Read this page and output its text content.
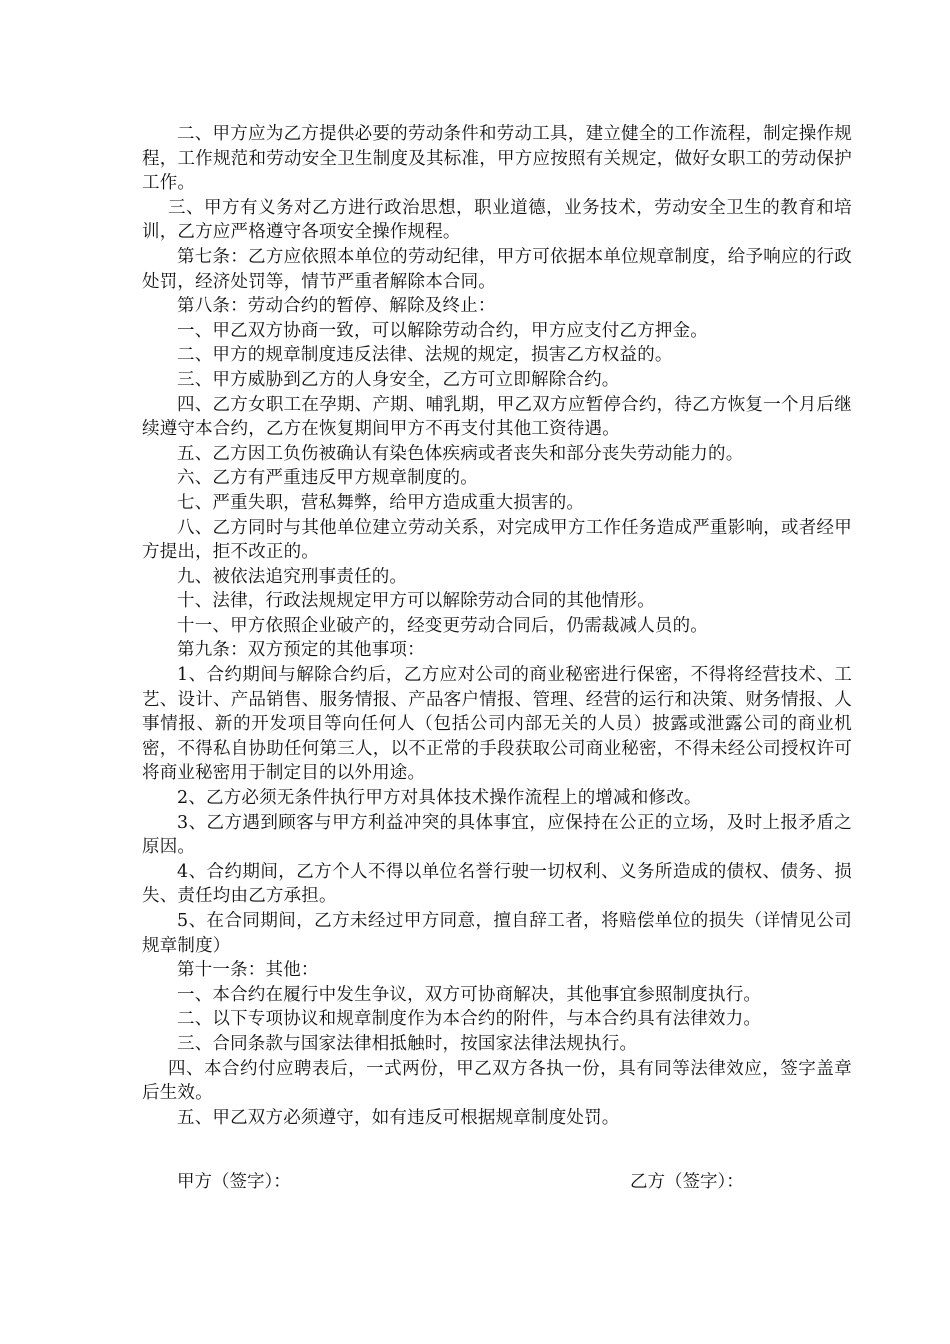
二、甲方应为乙方提供必要的劳动条件和劳动工具，建立健全的工作流程，制定操作规程，工作规范和劳动安全卫生制度及其标准，甲方应按照有关规定，做好女职工的劳动保护工作。

三、甲方有义务对乙方进行政治思想，职业道德，业务技术，劳动安全卫生的教育和培训，乙方应严格遵守各项安全操作规程。

第七条：乙方应依照本单位的劳动纪律，甲方可依据本单位规章制度，给予响应的行政处罚，经济处罚等，情节严重者解除本合同。

第八条：劳动合约的暂停、解除及终止：

一、甲乙双方协商一致，可以解除劳动合约，甲方应支付乙方押金。

二、甲方的规章制度违反法律、法规的规定，损害乙方权益的。

三、甲方威胁到乙方的人身安全，乙方可立即解除合约。

四、乙方女职工在孕期、产期、哺乳期，甲乙双方应暂停合约，待乙方恢复一个月后继续遵守本合约，乙方在恢复期间甲方不再支付其他工资待遇。

五、乙方因工负伤被确认有染色体疾病或者丧失和部分丧失劳动能力的。

六、乙方有严重违反甲方规章制度的。

七、严重失职，营私舞弊，给甲方造成重大损害的。

八、乙方同时与其他单位建立劳动关系，对完成甲方工作任务造成严重影响，或者经甲方提出，拒不改正的。

九、被依法追究刑事责任的。

十、法律，行政法规规定甲方可以解除劳动合同的其他情形。

十一、甲方依照企业破产的，经变更劳动合同后，仍需裁减人员的。

第九条：双方预定的其他事项：

1、合约期间与解除合约后，乙方应对公司的商业秘密进行保密，不得将经营技术、工艺、设计、产品销售、服务情报、产品客户情报、管理、经营的运行和决策、财务情报、人事情报、新的开发项目等向任何人（包括公司内部无关的人员）披露或泄露公司的商业机密，不得私自协助任何第三人，以不正常的手段获取公司商业秘密，不得未经公司授权许可将商业秘密用于制定目的以外用途。

2、乙方必须无条件执行甲方对具体技术操作流程上的增减和修改。

3、乙方遇到顾客与甲方利益冲突的具体事宜，应保持在公正的立场，及时上报矛盾之原因。

4、合约期间，乙方个人不得以单位名誉行驶一切权利、义务所造成的债权、债务、损失、责任均由乙方承担。

5、在合同期间，乙方未经过甲方同意，擅自辞工者，将赔偿单位的损失（详情见公司规章制度）

第十一条：其他：

一、本合约在履行中发生争议，双方可协商解决，其他事宜参照制度执行。

二、以下专项协议和规章制度作为本合约的附件，与本合约具有法律效力。

三、合同条款与国家法律相抵触时，按国家法律法规执行。

四、本合约付应聘表后，一式两份，甲乙双方各执一份，具有同等法律效应，签字盖章后生效。

五、甲乙双方必须遵守，如有违反可根据规章制度处罚。

甲方（签字）：	乙方（签字）：
